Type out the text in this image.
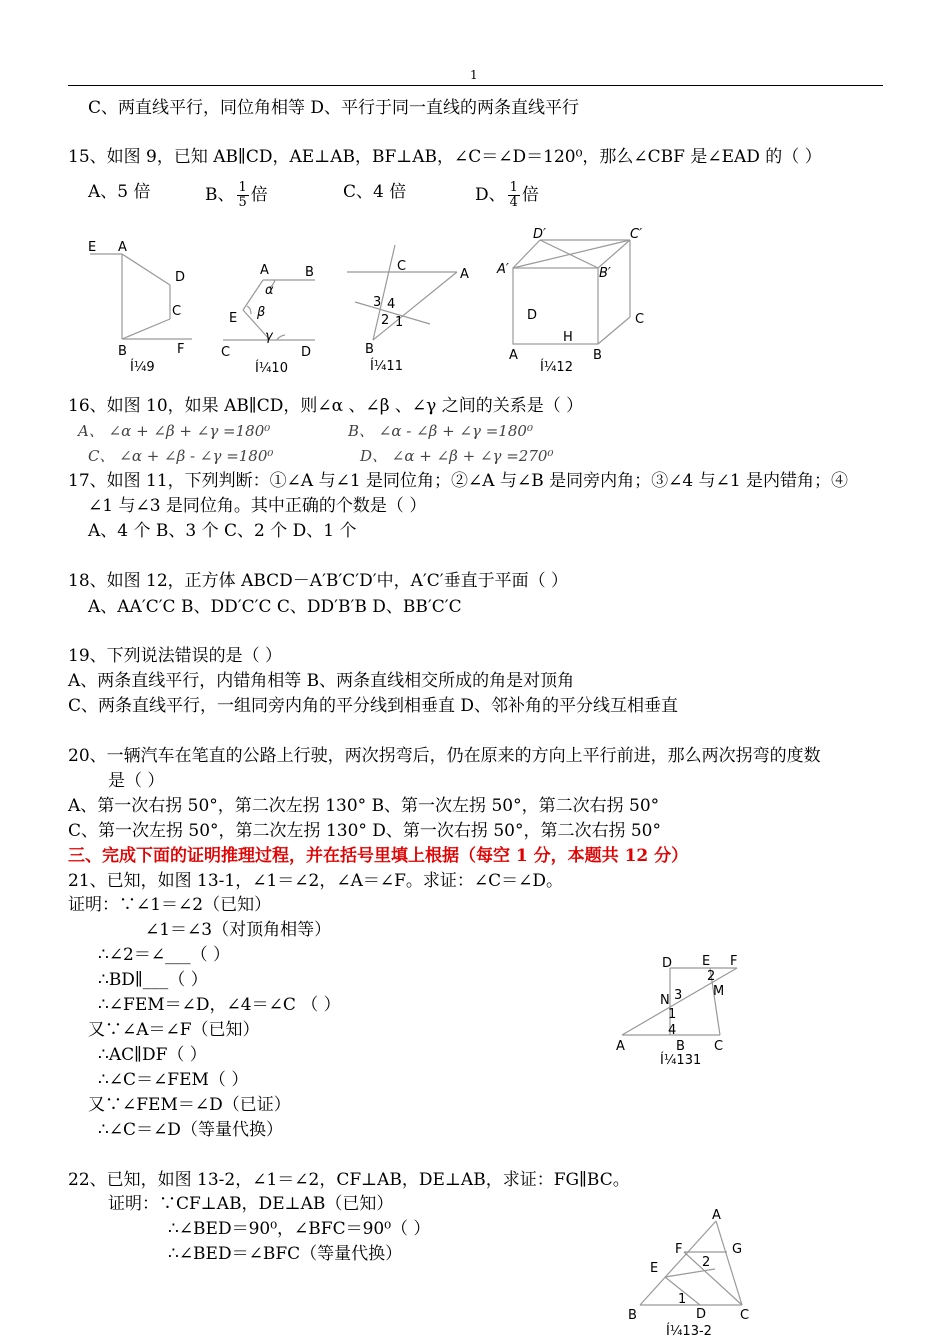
1
C、两直线平行，同位角相等 D、平行于同一直线的两条直线平行
15、如图 9，已知 AB∥CD，AE⊥AB，BF⊥AB，∠C＝∠D＝120⁰，那么∠CBF 是∠EAD 的（ ）
A、5 倍	B、 $\frac{1}{5}$ 倍	C、4 倍	D、 $\frac{1}{4}$ 倍
E A
D
C
B	F
Í¼9
A	B
α
E β
γ
C	D
Í¼10
C
A
3 4
2 1
B
Í¼11
D′	C′
A′	B′
D	C
H
A	B
Í¼12
16、如图 10，如果 AB∥CD，则∠α 、∠β 、∠γ 之间的关系是（ ）
A、 ∠α + ∠β + ∠γ =180⁰	B、 ∠α - ∠β + ∠γ =180⁰
C、 ∠α + ∠β - ∠γ =180⁰	D、 ∠α + ∠β + ∠γ =270⁰
17、如图 11，下列判断：①∠A 与∠1 是同位角；②∠A 与∠B 是同旁内角；③∠4 与∠1 是内错角；④
∠1 与∠3 是同位角。其中正确的个数是（ ）
A、4 个 B、3 个 C、2 个 D、1 个
18、如图 12，正方体 ABCD－A′B′C′D′中，A′C′垂直于平面（ ）
A、AA′C′C B、DD′C′C C、DD′B′B D、BB′C′C
19、下列说法错误的是（ ）
A、两条直线平行，内错角相等 B、两条直线相交所成的角是对顶角
C、两条直线平行，一组同旁内角的平分线到相垂直 D、邻补角的平分线互相垂直
20、一辆汽车在笔直的公路上行驶，两次拐弯后，仍在原来的方向上平行前进，那么两次拐弯的度数
是（ ）
A、第一次右拐 50°，第二次左拐 130° B、第一次左拐 50°，第二次右拐 50°
C、第一次左拐 50°，第二次左拐 130° D、第一次右拐 50°，第二次右拐 50°
三、完成下面的证明推理过程，并在括号里填上根据（每空 1 分，本题共 12 分）
21、已知，如图 13-1，∠1＝∠2，∠A＝∠F。求证：∠C＝∠D。
证明：∵∠1＝∠2（已知）
∠1＝∠3（对顶角相等）
∴∠2＝∠___（ ）
∴BD∥___（ ）
∴∠FEM＝∠D，∠4＝∠C （ ）
又∵∠A＝∠F（已知）
∴AC∥DF（ ）
∴∠C＝∠FEM（ ）
又∵∠FEM＝∠D（已证）
∴∠C＝∠D（等量代换）
D E F
2
M
N 3
1
4
A	B C
Í¼131
22、已知，如图 13-2，∠1＝∠2，CF⊥AB，DE⊥AB，求证：FG∥BC。
证明：∵CF⊥AB，DE⊥AB（已知）
∴∠BED＝90⁰，∠BFC＝90⁰（ ）
∴∠BED＝∠BFC（等量代换）
A
F	G
E	2
1
D
B	C
Í¼13-2
